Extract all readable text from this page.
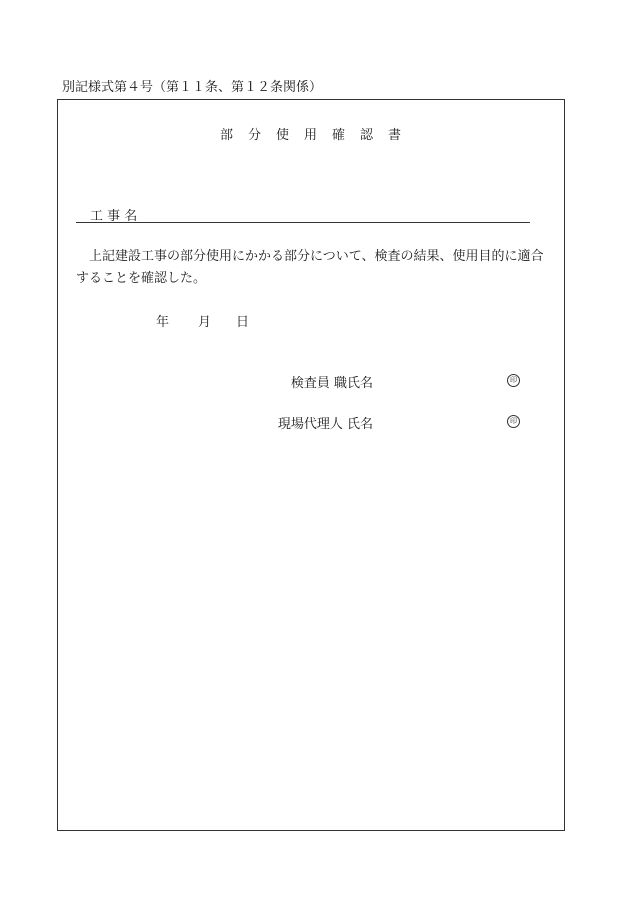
別記様式第４号（第１１条、第１２条関係）
部　分　使　用　確　認　書
工 事 名
上記建設工事の部分使用にかかる部分について、検査の結果、使用目的に適合することを確認した。
年 月 日
検査員 職氏名	印
現場代理人 氏名	印
